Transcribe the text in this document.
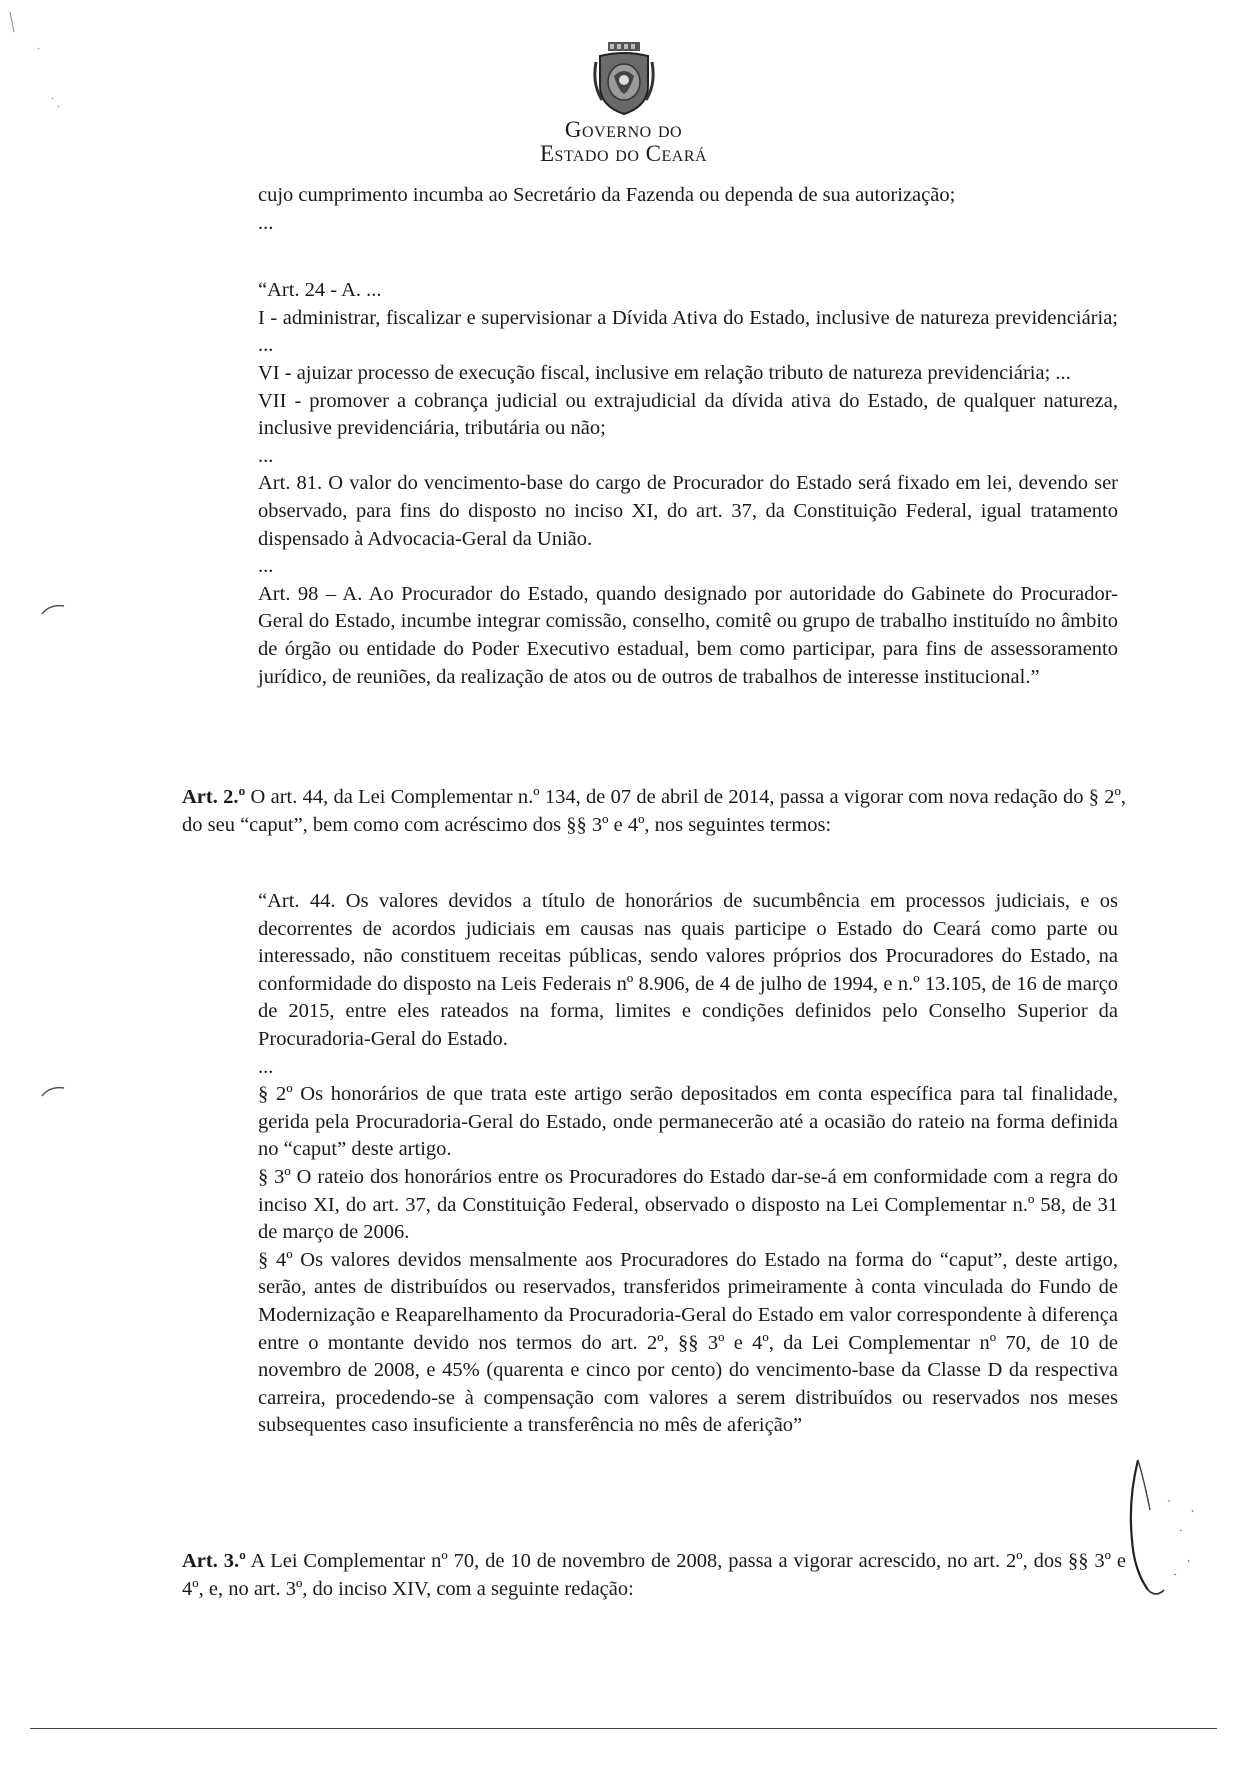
Governo do
Estado do Ceará

cujo cumprimento incumba ao Secretário da Fazenda ou dependa de sua autorização;

...

“Art. 24 - A. ...

I - administrar, fiscalizar e supervisionar a Dívida Ativa do Estado, inclusive de natureza previdenciária; ...

VI - ajuizar processo de execução fiscal, inclusive em relação tributo de natureza previdenciária; ...

VII - promover a cobrança judicial ou extrajudicial da dívida ativa do Estado, de qualquer natureza, inclusive previdenciária, tributária ou não;

...

Art. 81. O valor do vencimento-base do cargo de Procurador do Estado será fixado em lei, devendo ser observado, para fins do disposto no inciso XI, do art. 37, da Constituição Federal, igual tratamento dispensado à Advocacia-Geral da União.

...

Art. 98 – A. Ao Procurador do Estado, quando designado por autoridade do Gabinete do Procurador-Geral do Estado, incumbe integrar comissão, conselho, comitê ou grupo de trabalho instituído no âmbito de órgão ou entidade do Poder Executivo estadual, bem como participar, para fins de assessoramento jurídico, de reuniões, da realização de atos ou de outros de trabalhos de interesse institucional.”

Art. 2.º O art. 44, da Lei Complementar n.º 134, de 07 de abril de 2014, passa a vigorar com nova redação do § 2º, do seu “caput”, bem como com acréscimo dos §§ 3º e 4º, nos seguintes termos:

“Art. 44. Os valores devidos a título de honorários de sucumbência em processos judiciais, e os decorrentes de acordos judiciais em causas nas quais participe o Estado do Ceará como parte ou interessado, não constituem receitas públicas, sendo valores próprios dos Procuradores do Estado, na conformidade do disposto na Leis Federais nº 8.906, de 4 de julho de 1994, e n.º 13.105, de 16 de março de 2015, entre eles rateados na forma, limites e condições definidos pelo Conselho Superior da Procuradoria-Geral do Estado.

...

§ 2º Os honorários de que trata este artigo serão depositados em conta específica para tal finalidade, gerida pela Procuradoria-Geral do Estado, onde permanecerão até a ocasião do rateio na forma definida no “caput” deste artigo.

§ 3º O rateio dos honorários entre os Procuradores do Estado dar-se-á em conformidade com a regra do inciso XI, do art. 37, da Constituição Federal, observado o disposto na Lei Complementar n.º 58, de 31 de março de 2006.

§ 4º Os valores devidos mensalmente aos Procuradores do Estado na forma do “caput”, deste artigo, serão, antes de distribuídos ou reservados, transferidos primeiramente à conta vinculada do Fundo de Modernização e Reaparelhamento da Procuradoria-Geral do Estado em valor correspondente à diferença entre o montante devido nos termos do art. 2º, §§ 3º e 4º, da Lei Complementar nº 70, de 10 de novembro de 2008, e 45% (quarenta e cinco por cento) do vencimento-base da Classe D da respectiva carreira, procedendo-se à compensação com valores a serem distribuídos ou reservados nos meses subsequentes caso insuficiente a transferência no mês de aferição”

Art. 3.º A Lei Complementar nº 70, de 10 de novembro de 2008, passa a vigorar acrescido, no art. 2º, dos §§ 3º e 4º, e, no art. 3º, do inciso XIV, com a seguinte redação:
